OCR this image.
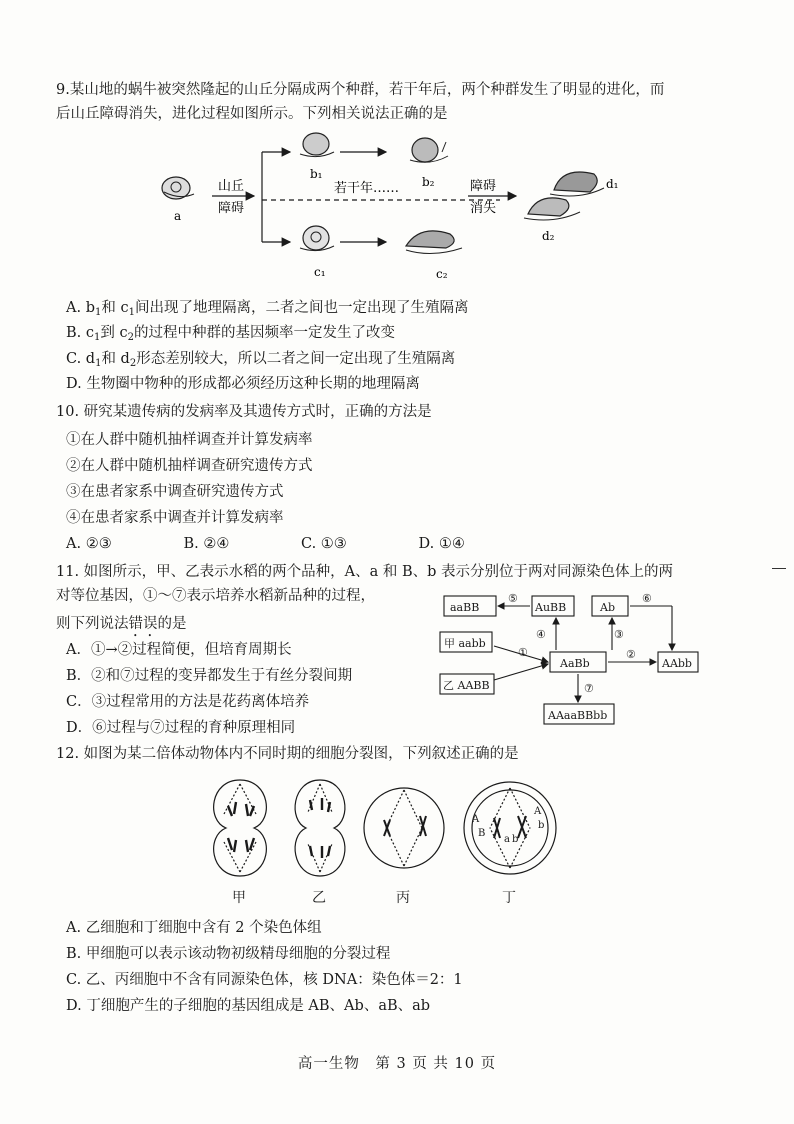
9.某山地的蜗牛被突然隆起的山丘分隔成两个种群，若干年后，两个种群发生了明显的进化，而
后山丘障碍消失，进化过程如图所示。下列相关说法正确的是
a
山丘
障碍
b₁
b₂
若干年……
c₁	c₂
障碍
消失
d₁
d₂
A. $b_1$和 $c_1$间出现了地理隔离，二者之间也一定出现了生殖隔离
B. $c_1$到 $c_2$的过程中种群的基因频率一定发生了改变
C. $d_1$和 $d_2$形态差别较大，所以二者之间一定出现了生殖隔离
D. 生物圈中物种的形成都必须经历这种长期的地理隔离
10. 研究某遗传病的发病率及其遗传方式时，正确的方法是
①在人群中随机抽样调查并计算发病率
②在人群中随机抽样调查研究遗传方式
③在患者家系中调查研究遗传方式
④在患者家系中调查并计算发病率
A. ②③	B. ②④	C. ①③	D. ①④
11. 如图所示，甲、乙表示水稻的两个品种，A、a 和 B、b 表示分别位于两对同源染色体上的两
对等位基因，①～⑦表示培养水稻新品种的过程，
则下列说法错误的是
A．①→②过程简便，但培育周期长
B．②和⑦过程的变异都发生于有丝分裂间期
C．③过程常用的方法是花药离体培养
D．⑥过程与⑦过程的育种原理相同
aaBB	AuBB	Ab
甲 aabb
AaBb	AAbb
乙 AABB
AAaaBBbb
⑤
④	③
⑥
①	②
⑦
12. 如图为某二倍体动物体内不同时期的细胞分裂图，下列叙述正确的是
A
B
a b
A
b
甲	乙	丙	丁
A. 乙细胞和丁细胞中含有 2 个染色体组
B. 甲细胞可以表示该动物初级精母细胞的分裂过程
C. 乙、丙细胞中不含有同源染色体，核 DNA：染色体＝2：1
D. 丁细胞产生的子细胞的基因组成是 AB、Ab、aB、ab
高一生物　第 3 页 共 10 页
